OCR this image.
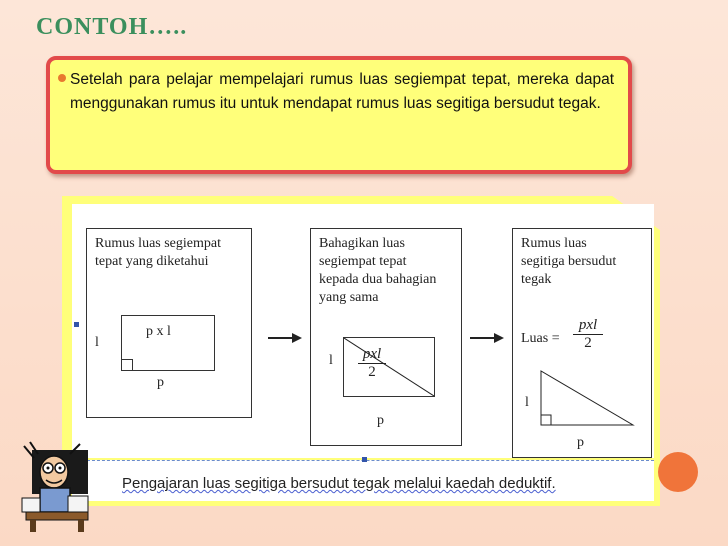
CONTOH…..
Setelah para pelajar mempelajari rumus luas segiempat tepat, mereka dapat menggunakan rumus itu untuk mendapat rumus luas segitiga bersudut tegak.
Rumus luas segiempat
tepat yang diketahui
p x l
l
p
Bahagikan luas
segiempat tepat
kepada dua bahagian
yang sama
pxl
2
l
p
Rumus luas
segitiga bersudut
tegak
Luas =
pxl
2
l
p
Pengajaran luas segitiga bersudut tegak melalui kaedah deduktif.
